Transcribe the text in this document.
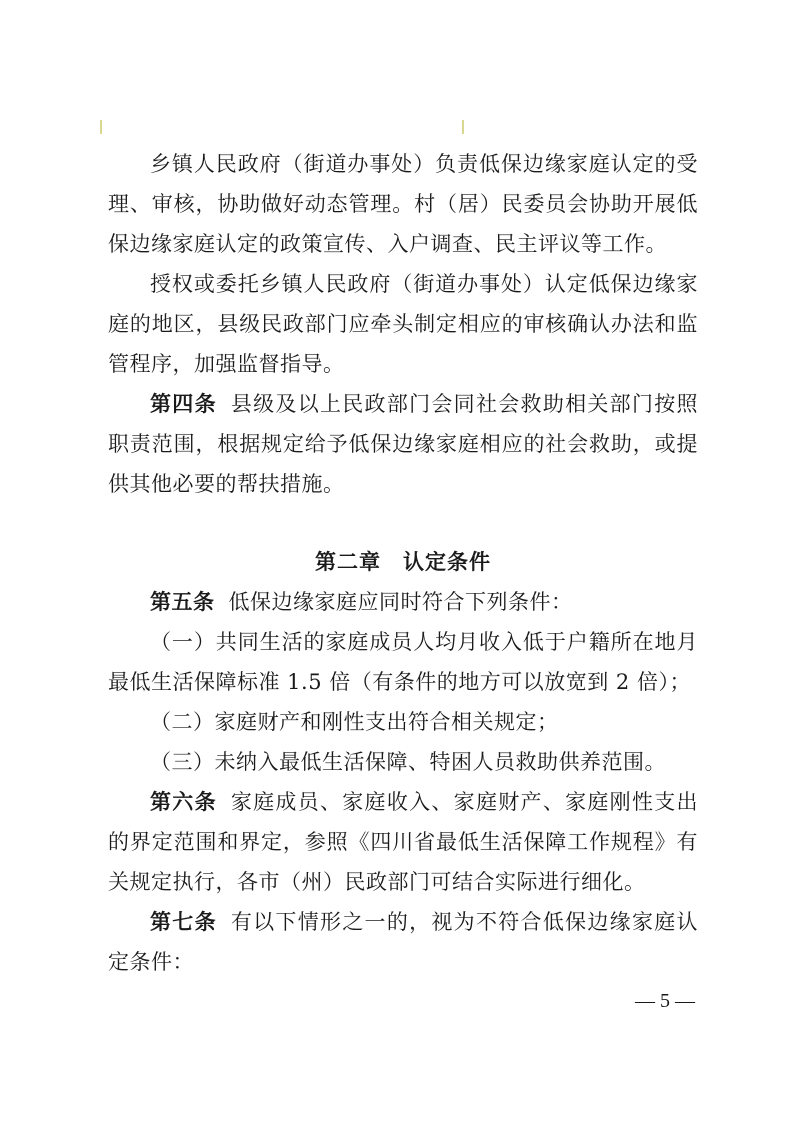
乡镇人民政府（街道办事处）负责低保边缘家庭认定的受理、审核，协助做好动态管理。村（居）民委员会协助开展低保边缘家庭认定的政策宣传、入户调查、民主评议等工作。

授权或委托乡镇人民政府（街道办事处）认定低保边缘家庭的地区，县级民政部门应牵头制定相应的审核确认办法和监管程序，加强监督指导。

第四条 县级及以上民政部门会同社会救助相关部门按照职责范围，根据规定给予低保边缘家庭相应的社会救助，或提供其他必要的帮扶措施。

第二章 认定条件

第五条 低保边缘家庭应同时符合下列条件：

（一）共同生活的家庭成员人均月收入低于户籍所在地月最低生活保障标准 1.5 倍（有条件的地方可以放宽到 2 倍）；

（二）家庭财产和刚性支出符合相关规定；

（三）未纳入最低生活保障、特困人员救助供养范围。

第六条 家庭成员、家庭收入、家庭财产、家庭刚性支出的界定范围和界定，参照《四川省最低生活保障工作规程》有关规定执行，各市（州）民政部门可结合实际进行细化。

第七条 有以下情形之一的，视为不符合低保边缘家庭认定条件：

— 5 —
